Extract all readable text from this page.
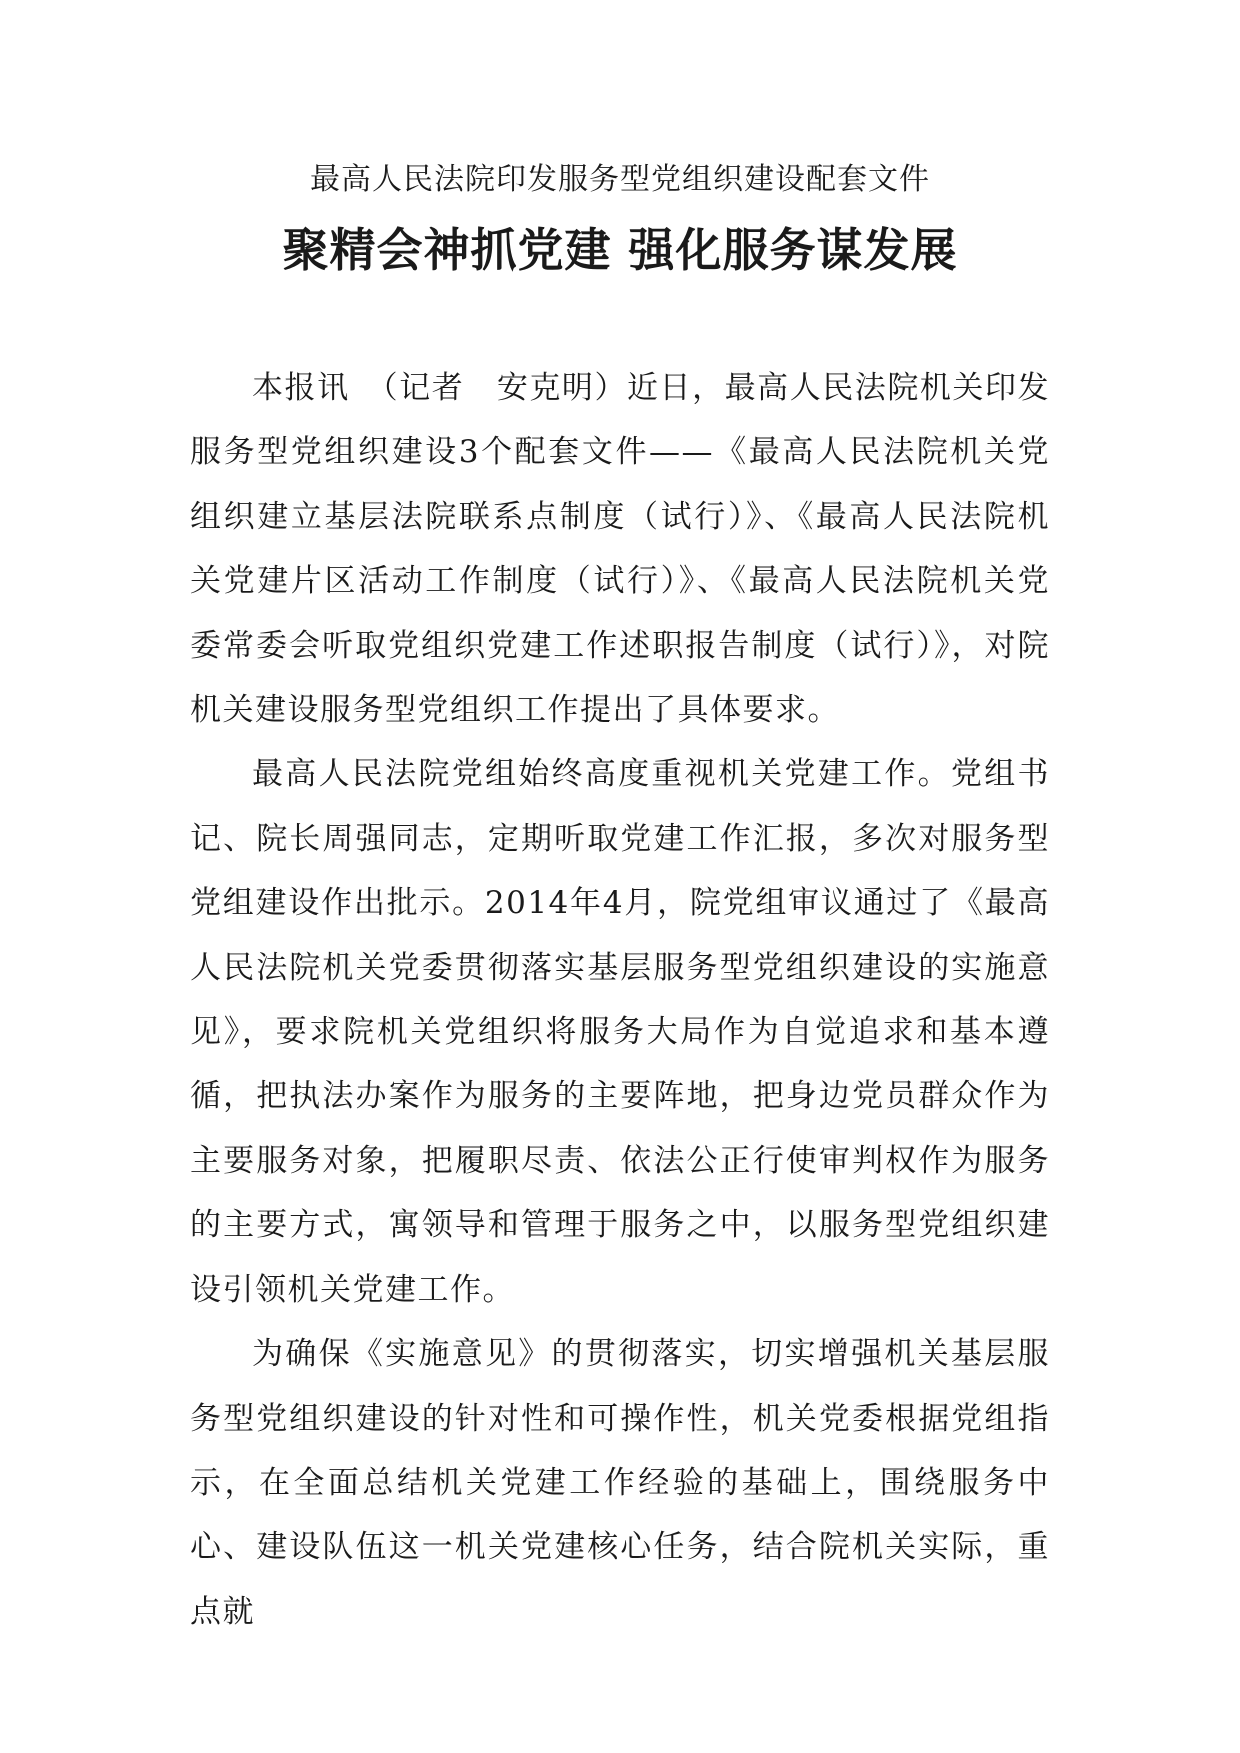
最高人民法院印发服务型党组织建设配套文件
聚精会神抓党建 强化服务谋发展

本报讯　（记者　安克明）近日，最高人民法院机关印发服务型党组织建设3个配套文件——《最高人民法院机关党组织建立基层法院联系点制度（试行）》、《最高人民法院机关党建片区活动工作制度（试行）》、《最高人民法院机关党委常委会听取党组织党建工作述职报告制度（试行）》，对院机关建设服务型党组织工作提出了具体要求。

最高人民法院党组始终高度重视机关党建工作。党组书记、院长周强同志，定期听取党建工作汇报，多次对服务型党组建设作出批示。2014年4月，院党组审议通过了《最高人民法院机关党委贯彻落实基层服务型党组织建设的实施意见》，要求院机关党组织将服务大局作为自觉追求和基本遵循，把执法办案作为服务的主要阵地，把身边党员群众作为主要服务对象，把履职尽责、依法公正行使审判权作为服务的主要方式，寓领导和管理于服务之中，以服务型党组织建设引领机关党建工作。

为确保《实施意见》的贯彻落实，切实增强机关基层服务型党组织建设的针对性和可操作性，机关党委根据党组指示，在全面总结机关党建工作经验的基础上，围绕服务中心、建设队伍这一机关党建核心任务，结合院机关实际，重点就
